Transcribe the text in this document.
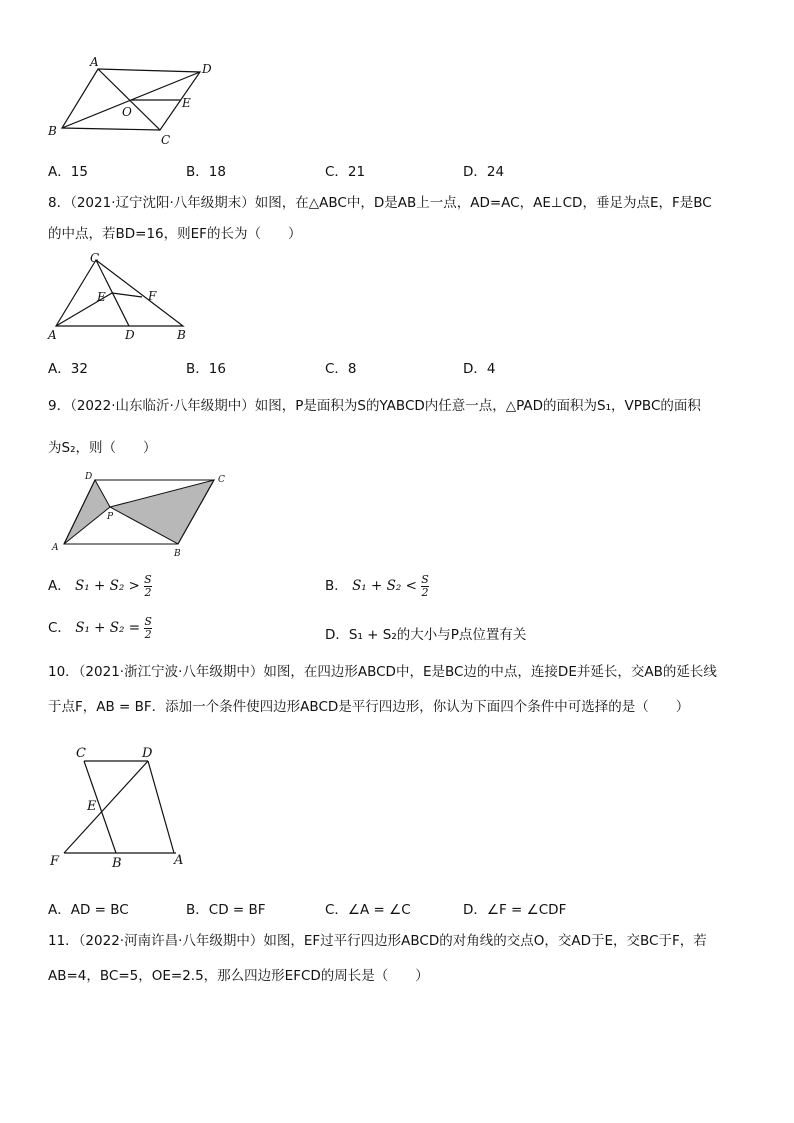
A	D
E
O
B
C
A．15	B．18	C．21	D．24
8．（2021·辽宁沈阳·八年级期末）如图，在△ABC中，D是AB上一点，AD=AC，AE⊥CD，垂足为点E，F是BC
的中点，若BD=16，则EF的长为（　　）
C
E	F
A	D	B
A．32	B．16	C．8	D．4
9．（2022·山东临沂·八年级期中）如图，P是面积为S的YABCD内任意一点，△PAD的面积为S₁，VPBC的面积
为S₂，则（　　）
D	C
P
A
B
A． $S_1 + S_2 > \frac{S}{2}$	B． $S_1 + S_2 < \frac{S}{2}$
C． $S_1 + S_2 = \frac{S}{2}$	D．S₁ + S₂的大小与P点位置有关
10．（2021·浙江宁波·八年级期中）如图，在四边形ABCD中，E是BC边的中点，连接DE并延长，交AB的延长线
于点F，AB = BF．添加一个条件使四边形ABCD是平行四边形，你认为下面四个条件中可选择的是（　　）
C	D
E
F	B	A
A．AD = BC	B．CD = BF	C．∠A = ∠C	D．∠F = ∠CDF
11．（2022·河南许昌·八年级期中）如图，EF过平行四边形ABCD的对角线的交点O，交AD于E，交BC于F，若
AB=4，BC=5，OE=2.5，那么四边形EFCD的周长是（　　）
